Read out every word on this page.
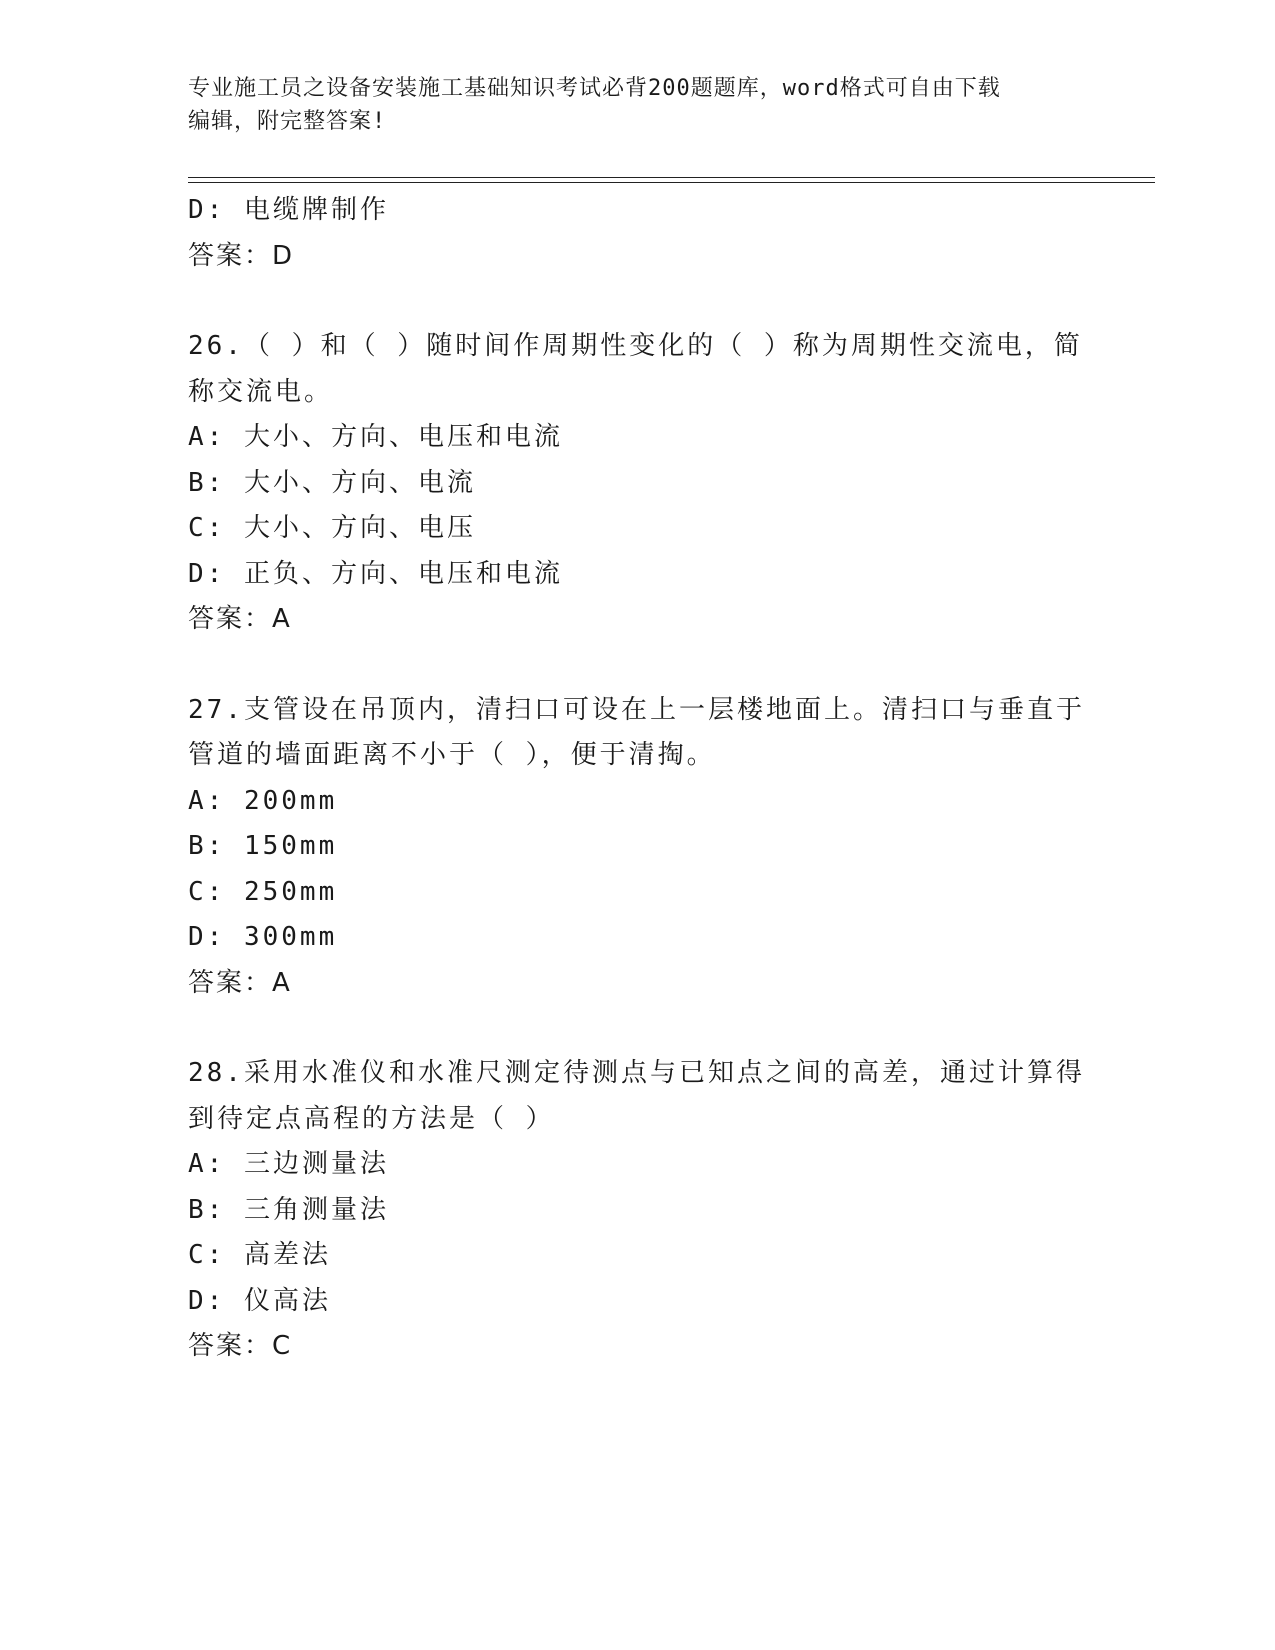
专业施工员之设备安装施工基础知识考试必背200题题库，word格式可自由下载
编辑，附完整答案!
D: 电缆牌制作
答案：D
26.（ ）和（ ）随时间作周期性变化的（ ）称为周期性交流电，简
称交流电。
A: 大小、方向、电压和电流
B: 大小、方向、电流
C: 大小、方向、电压
D: 正负、方向、电压和电流
答案：A
27.支管设在吊顶内，清扫口可设在上一层楼地面上。清扫口与垂直于
管道的墙面距离不小于（ ），便于清掏。
A: 200mm
B: 150mm
C: 250mm
D: 300mm
答案：A
28.采用水准仪和水准尺测定待测点与已知点之间的高差，通过计算得
到待定点高程的方法是（ ）
A: 三边测量法
B: 三角测量法
C: 高差法
D: 仪高法
答案：C
